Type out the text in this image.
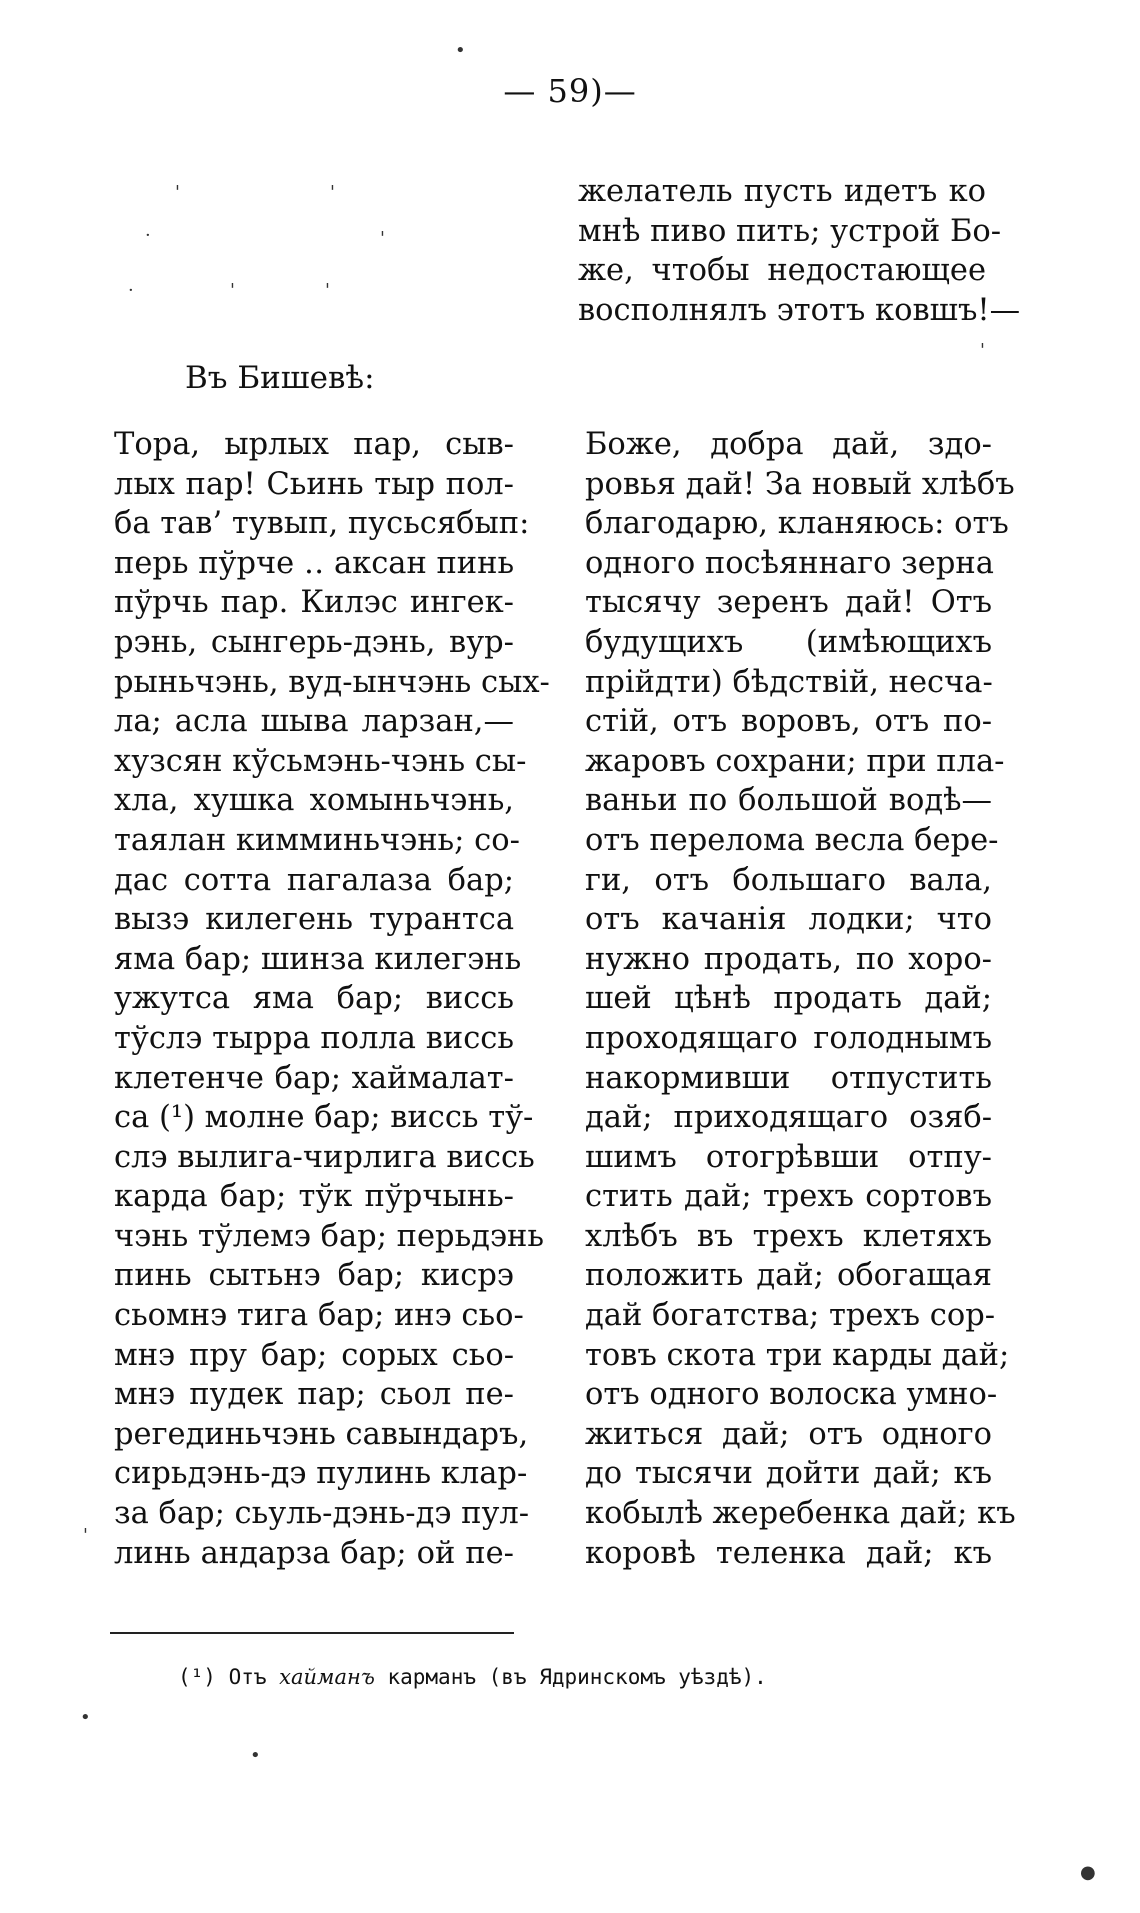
— 59)—
желатель пусть идетъ ко
мнѣ пиво пить; устрой Бо-
же, чтобы недостающее
восполнялъ этотъ ковшъ!—
Въ Бишевѣ:
Тора, ырлых пар, сыв-
лых пар! Сьинь тыр пол-
ба тав’ тувып, пусьсябып:
перь пўрче ‥ аксан пинь
пўрчь пар. Килэс ингек-
рэнь, сынгерь-дэнь, вур-
рыньчэнь, вуд-ынчэнь сых-
ла; асла шыва ларзан,—
хузсян кўсьмэнь-чэнь сы-
хла, хушка хомыньчэнь,
таялан кимминьчэнь; со-
дас сотта пагалаза бар;
вызэ килегень турантса
яма бар; шинза килегэнь
ужутса яма бар; висcь
тўслэ тырра полла висcь
клетенче бар; хаймалат-
са (¹) молне бар; висcь тў-
слэ вылига-чирлига висcь
карда бар; тўк пўрчынь-
чэнь тўлемэ бар; перьдэнь
пинь сытьнэ бар; кисрэ
сьомнэ тига бар; инэ сьо-
мнэ пру бар; сорых сьо-
мнэ пудек пар; сьол пе-
регединьчэнь савындаръ,
сирьдэнь-дэ пулинь клар-
за бар; сьуль-дэнь-дэ пул-
линь андарза бар; ой пе-
Боже, добра дай, здо-
ровья дай! За новый хлѣбъ
благодарю, кланяюсь: отъ
одного посѣяннаго зерна
тысячу зеренъ дай! Отъ
будущихъ (имѣющихъ
прійдти) бѣдствій, несча-
стій, отъ воровъ, отъ по-
жаровъ сохрани; при пла-
ваньи по большой водѣ—
отъ перелома весла бере-
ги, отъ большаго вала,
отъ качанія лодки; что
нужно продать, по хоро-
шей цѣнѣ продать дай;
проходящаго голоднымъ
накормивши отпустить
дай; приходящаго озяб-
шимъ отогрѣвши отпу-
стить дай; трехъ сортовъ
хлѣбъ въ трехъ клетяхъ
положить дай; обогащая
дай богатства; трехъ сор-
товъ скота три карды дай;
отъ одного волоска умно-
житься дай; отъ одного
до тысячи дойти дай; къ
кобылѣ жеребенка дай; къ
коровѣ теленка дай; къ
(¹) Отъ хайманъ карманъ (въ Ядринскомъ уѣздѣ).
•
'	'
·	'
·	'	'
'
'
•
•
●
